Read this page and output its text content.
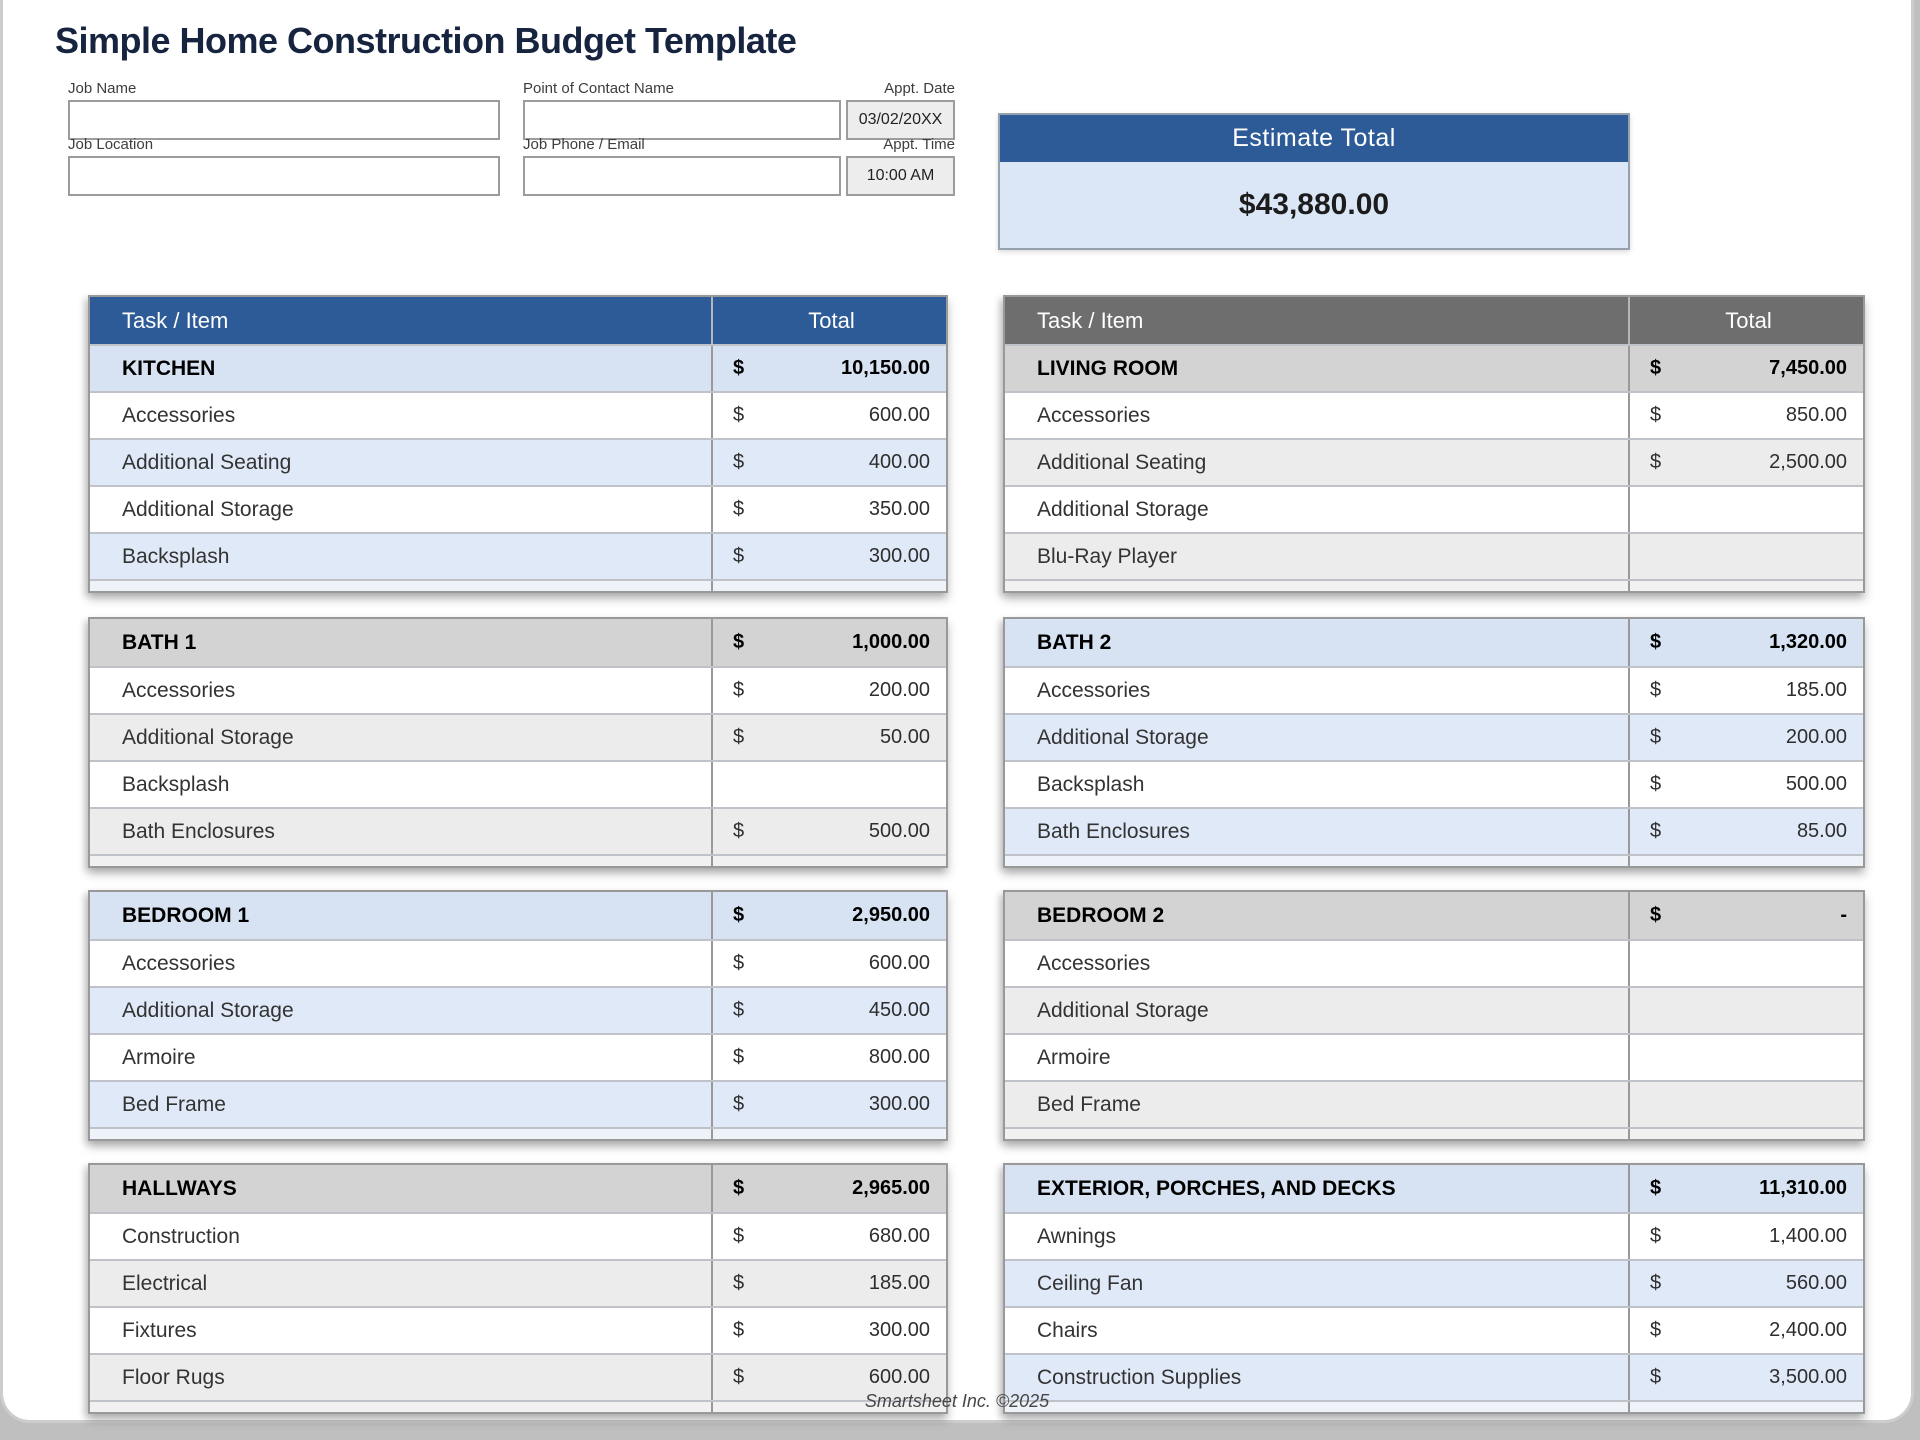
Simple Home Construction Budget Template
Job Name
Job Location
Point of Contact Name
Job Phone / Email
Appt. Date
03/02/20XX
Appt. Time
10:00 AM
Estimate Total
$43,880.00
Task / Item	Total
KITCHEN	$	10,150.00
Accessories	$	600.00
Additional Seating	$	400.00
Additional Storage	$	350.00
Backsplash	$	300.00
Task / Item	Total
LIVING ROOM	$	7,450.00
Accessories	$	850.00
Additional Seating	$	2,500.00
Additional Storage
Blu-Ray Player
BATH 1	$	1,000.00
Accessories	$	200.00
Additional Storage	$	50.00
Backsplash
Bath Enclosures	$	500.00
BATH 2	$	1,320.00
Accessories	$	185.00
Additional Storage	$	200.00
Backsplash	$	500.00
Bath Enclosures	$	85.00
BEDROOM 1	$	2,950.00
Accessories	$	600.00
Additional Storage	$	450.00
Armoire	$	800.00
Bed Frame	$	300.00
BEDROOM 2	$	-
Accessories
Additional Storage
Armoire
Bed Frame
HALLWAYS	$	2,965.00
Construction	$	680.00
Electrical	$	185.00
Fixtures	$	300.00
Floor Rugs	$	600.00
EXTERIOR, PORCHES, AND DECKS	$	11,310.00
Awnings	$	1,400.00
Ceiling Fan	$	560.00
Chairs	$	2,400.00
Construction Supplies	$	3,500.00
Smartsheet Inc. ©2025
